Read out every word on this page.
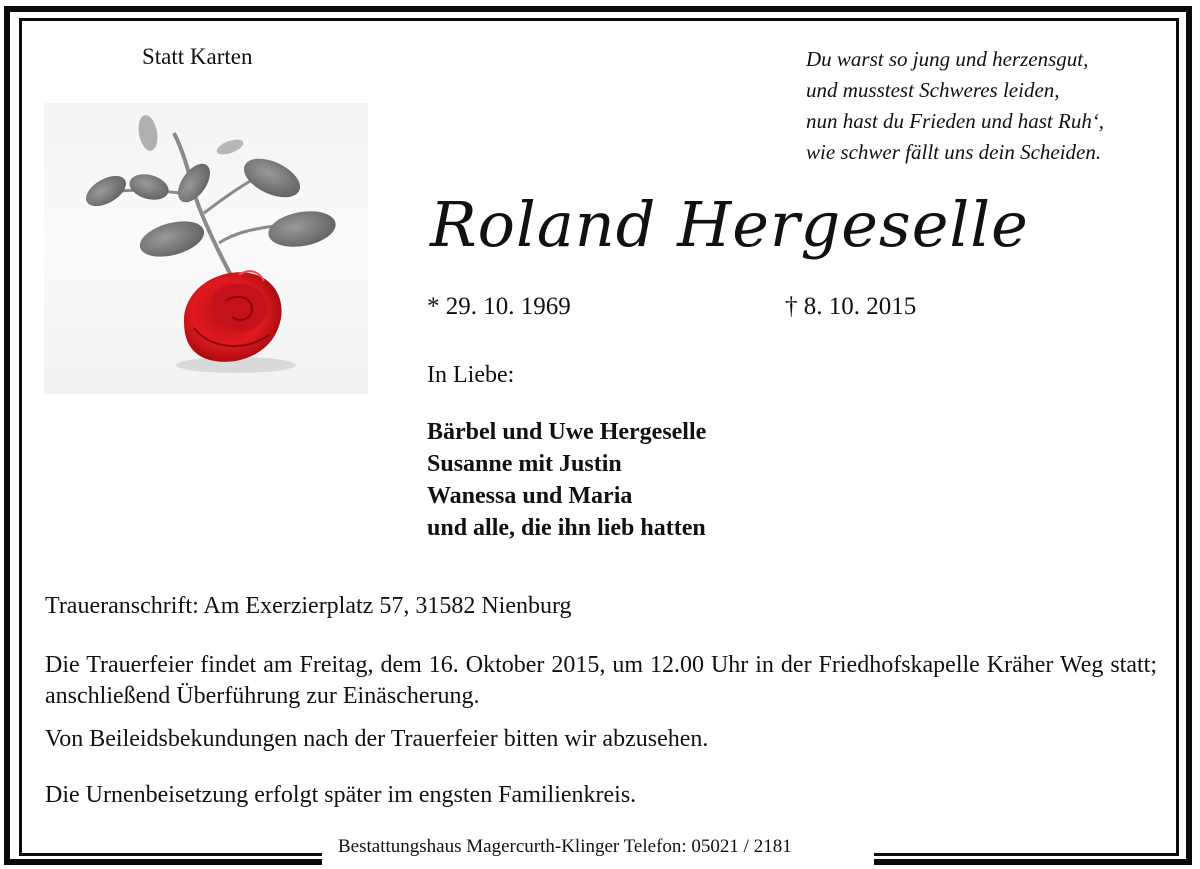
Statt Karten	Du warst so jung und herzensgut,
und musstest Schweres leiden,
nun hast du Frieden und hast Ruh‘,
wie schwer fällt uns dein Scheiden.
Roland Hergeselle
* 29. 10. 1969	† 8. 10. 2015
In Liebe:
Bärbel und Uwe Hergeselle
Susanne mit Justin
Wanessa und Maria
und alle, die ihn lieb hatten
Traueranschrift: Am Exerzierplatz 57, 31582 Nienburg
Die Trauerfeier findet am Freitag, dem 16. Oktober 2015, um 12.00 Uhr in der Friedhofskapelle Kräher Weg statt; anschließend Überführung zur Einäscherung.
Von Beileidsbekundungen nach der Trauerfeier bitten wir abzusehen.
Die Urnenbeisetzung erfolgt später im engsten Familienkreis.
Bestattungshaus Magercurth-Klinger Telefon: 05021 / 2181
